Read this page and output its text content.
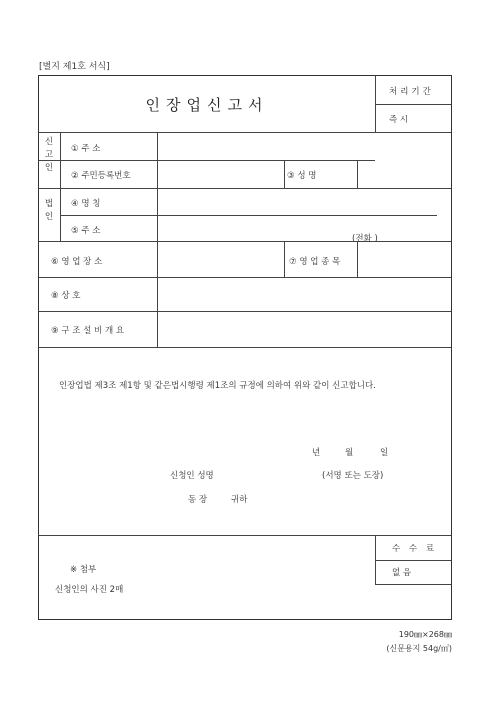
[별지 제1호 서식]
인장업신고서
처리기간
즉 시
신
고
인
① 주 소
② 주민등록번호	③ 성 명
법
인
④ 명 칭
⑤ 주 소
(전화 )
⑥ 영 업 장 소	⑦ 영 업 종 목
⑧ 상 호
⑨ 구 조 설 비 개 요
인장업법 제3조 제1항 및 같은법시행령 제1조의 규정에 의하여 위와 같이 신고합니다.
년	월	일
신청인 성명	(서명 또는 도장)
동 장	귀하
※ 첨부
신청인의 사진 2매
수 수 료
없 음
190㎜×268㎜
(신문용지 54g/㎡)
